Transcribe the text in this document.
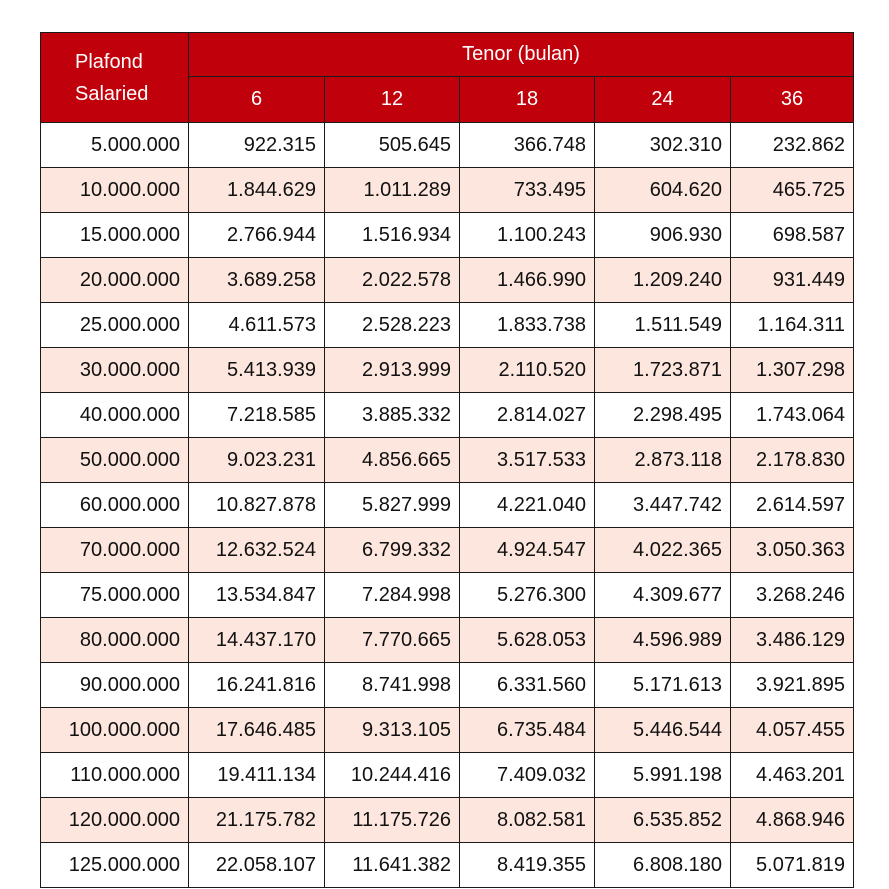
Plafond
Salaried	Tenor (bulan)				
	6	12	18	24	36
5.000.000	922.315	505.645	366.748	302.310	232.862
10.000.000	1.844.629	1.011.289	733.495	604.620	465.725
15.000.000	2.766.944	1.516.934	1.100.243	906.930	698.587
20.000.000	3.689.258	2.022.578	1.466.990	1.209.240	931.449
25.000.000	4.611.573	2.528.223	1.833.738	1.511.549	1.164.311
30.000.000	5.413.939	2.913.999	2.110.520	1.723.871	1.307.298
40.000.000	7.218.585	3.885.332	2.814.027	2.298.495	1.743.064
50.000.000	9.023.231	4.856.665	3.517.533	2.873.118	2.178.830
60.000.000	10.827.878	5.827.999	4.221.040	3.447.742	2.614.597
70.000.000	12.632.524	6.799.332	4.924.547	4.022.365	3.050.363
75.000.000	13.534.847	7.284.998	5.276.300	4.309.677	3.268.246
80.000.000	14.437.170	7.770.665	5.628.053	4.596.989	3.486.129
90.000.000	16.241.816	8.741.998	6.331.560	5.171.613	3.921.895
100.000.000	17.646.485	9.313.105	6.735.484	5.446.544	4.057.455
110.000.000	19.411.134	10.244.416	7.409.032	5.991.198	4.463.201
120.000.000	21.175.782	11.175.726	8.082.581	6.535.852	4.868.946
125.000.000	22.058.107	11.641.382	8.419.355	6.808.180	5.071.819
